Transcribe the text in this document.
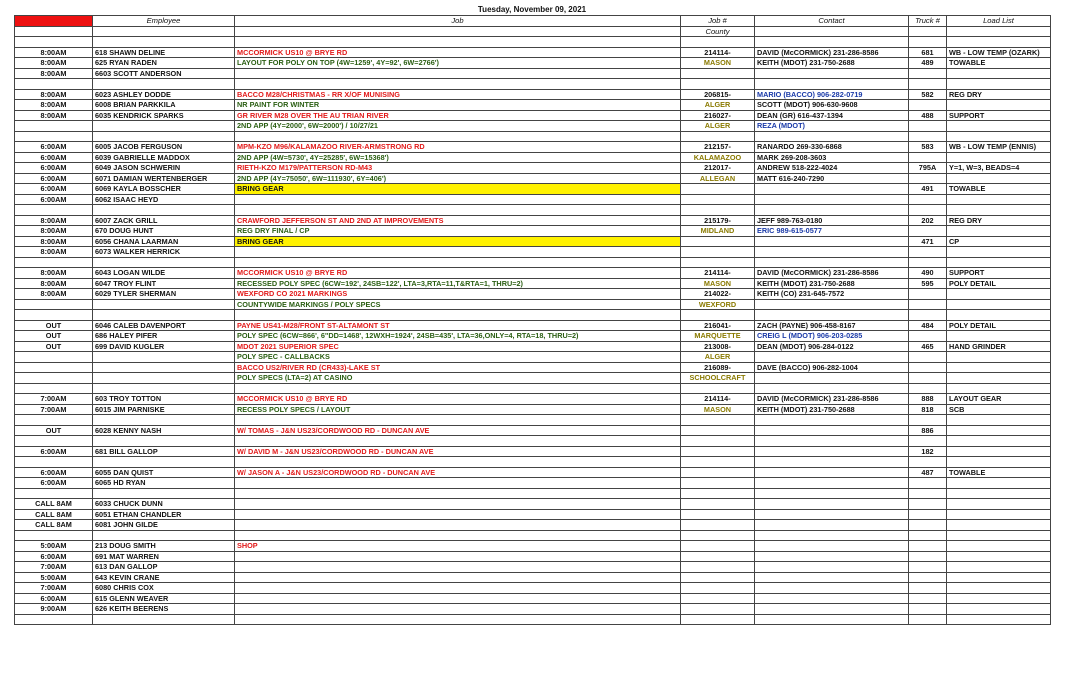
Tuesday, November 09, 2021
Time	Employee	Job	Job #	Contact	Truck #	Load List
			County			

8:00AM	618 SHAWN DELINE	MCCORMICK US10 @ BRYE RD	214114-	DAVID (McCORMICK) 231-286-8586	681	WB - LOW TEMP (OZARK)
8:00AM	625 RYAN RADEN	LAYOUT FOR POLY ON TOP (4W=1259', 4Y=92', 6W=2766')	MASON	KEITH (MDOT) 231-750-2688	489	TOWABLE
8:00AM	6603 SCOTT ANDERSON					

8:00AM	6023 ASHLEY DODDE	BACCO M28/CHRISTMAS - RR X/OF MUNISING	206815-	MARIO (BACCO) 906-282-0719	582	REG DRY
8:00AM	6008 BRIAN PARKKILA	NR PAINT FOR WINTER	ALGER	SCOTT (MDOT) 906-630-9608		
8:00AM	6035 KENDRICK SPARKS	GR RIVER M28 OVER THE AU TRIAN RIVER	216027-	DEAN (GR) 616-437-1394	488	SUPPORT
		2ND APP (4Y=2000', 6W=2000') / 10/27/21	ALGER	REZA (MDOT)		

6:00AM	6005 JACOB FERGUSON	MPM-KZO M96/KALAMAZOO RIVER-ARMSTRONG RD	212157-	RANARDO 269-330-6868	583	WB - LOW TEMP (ENNIS)
6:00AM	6039 GABRIELLE MADDOX	2ND APP (4W=5730', 4Y=25285', 6W=15368')	KALAMAZOO	MARK 269-208-3603		
6:00AM	6049 JASON SCHWERIN	RIETH-KZO M179/PATTERSON RD-M43	212017-	ANDREW 518-222-4024	795A	Y=1, W=3, BEADS=4
6:00AM	6071 DAMIAN WERTENBERGER	2ND APP (4Y=75050', 6W=111930', 6Y=406')	ALLEGAN	MATT 616-240-7290		
6:00AM	6069 KAYLA BOSSCHER	BRING GEAR			491	TOWABLE
6:00AM	6062 ISAAC HEYD					

8:00AM	6007 ZACK GRILL	CRAWFORD JEFFERSON ST AND 2ND AT IMPROVEMENTS	215179-	JEFF 989-763-0180	202	REG DRY
8:00AM	670 DOUG HUNT	REG DRY FINAL / CP	MIDLAND	ERIC 989-615-0577		
8:00AM	6056 CHANA LAARMAN	BRING GEAR			471	CP
8:00AM	6073 WALKER HERRICK					

8:00AM	6043 LOGAN WILDE	MCCORMICK US10 @ BRYE RD	214114-	DAVID (McCORMICK) 231-286-8586	490	SUPPORT
8:00AM	6047 TROY FLINT	RECESSED POLY SPEC (6CW=192', 24SB=122', LTA=3,RTA=11,T&RTA=1, THRU=2)	MASON	KEITH (MDOT) 231-750-2688	595	POLY DETAIL
8:00AM	6029 TYLER SHERMAN	WEXFORD CO 2021 MARKINGS	214022-	KEITH (CO) 231-645-7572		
		COUNTYWIDE MARKINGS / POLY SPECS	WEXFORD			

OUT	6046 CALEB DAVENPORT	PAYNE US41-M28/FRONT ST-ALTAMONT ST	216041-	ZACH (PAYNE) 906-458-8167	484	POLY DETAIL
OUT	686 HALEY PIFER	POLY SPEC (6CW=866', 6"DD=1468', 12WXH=1924', 24SB=435', LTA=36,ONLY=4, RTA=18, THRU=2)	MARQUETTE	CREIG L (MDOT) 906-203-0285		
OUT	699 DAVID KUGLER	MDOT 2021 SUPERIOR SPEC	213008-	DEAN (MDOT) 906-284-0122	465	HAND GRINDER
		POLY SPEC - CALLBACKS	ALGER			
		BACCO US2/RIVER RD (CR433)-LAKE ST	216089-	DAVE (BACCO) 906-282-1004		
		POLY SPECS (LTA=2) AT CASINO	SCHOOLCRAFT			

7:00AM	603 TROY TOTTON	MCCORMICK US10 @ BRYE RD	214114-	DAVID (McCORMICK) 231-286-8586	888	LAYOUT GEAR
7:00AM	6015 JIM PARNISKE	RECESS POLY SPECS / LAYOUT	MASON	KEITH (MDOT) 231-750-2688	818	SCB

OUT	6028 KENNY NASH	W/ TOMAS - J&N US23/CORDWOOD RD - DUNCAN AVE			886	

6:00AM	681 BILL GALLOP	W/ DAVID M - J&N US23/CORDWOOD RD - DUNCAN AVE			182	

6:00AM	6055 DAN QUIST	W/ JASON A - J&N US23/CORDWOOD RD - DUNCAN AVE			487	TOWABLE
6:00AM	6065 HD RYAN					

CALL 8AM	6033 CHUCK DUNN					
CALL 8AM	6051 ETHAN CHANDLER					
CALL 8AM	6081 JOHN GILDE					

5:00AM	213 DOUG SMITH	SHOP				
6:00AM	691 MAT WARREN					
7:00AM	613 DAN GALLOP					
5:00AM	643 KEVIN CRANE					
7:00AM	6080 CHRIS COX					
6:00AM	615 GLENN WEAVER					
9:00AM	626 KEITH BEERENS					
